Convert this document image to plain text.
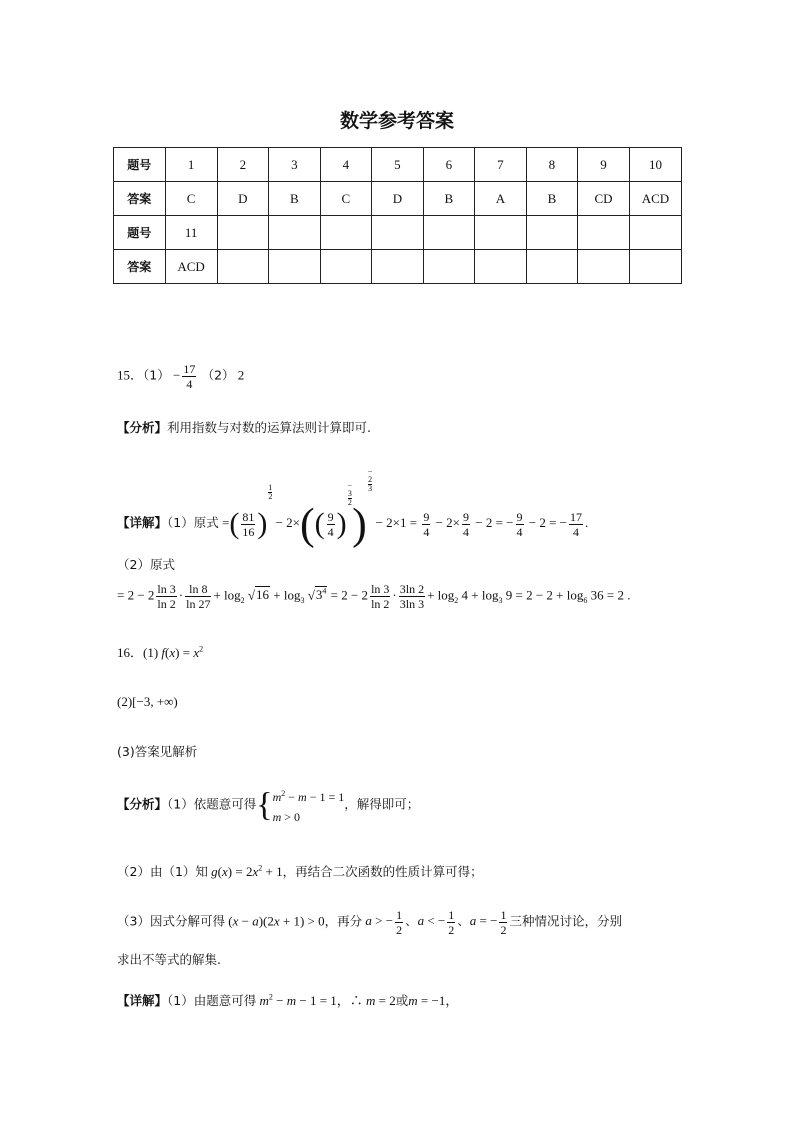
数学参考答案
题号	1	2	3	4	5	6	7	8	9	10
答案	C	D	B	C	D	B	A	B	CD	ACD
题号	11									
答案	ACD									
15．$(1) - \frac{17}{4} (2)$ 2
【分析】利用指数与对数的运算法则计算即可.
【详解】（1）原式 =( $\frac{81}{16}$ )
$\frac{1}{2}$
− $2\times(( \frac{9}{4}$ )
−
3
2 )
−
2
3
− $2\times 1 = \frac{9}{4} - 2\times \frac{9}{4} - 2$ = − $\frac{9}{4} - 2$ = − $\frac{17}{4}$ .
（2）原式
= $2 - 2 \frac{\ln 3}{\ln 2} \cdot \frac{\ln 8}{\ln 27} + \log_2 √16 + \log_3 √3^4 = 2 - 2 \frac{\ln 3}{\ln 2} \cdot \frac{3\ln 2}{3\ln 3} + \log_2 4 + \log_3 9 = 2 - 2 + \log_6 36 = 2$ .
16．(1) $f(x) = x^2$
(2)[−3, +∞)
(3)答案见解析
【分析】（1）依题意可得{$m^2 - m - 1 = 1$
m > 0，解得即可；
（2）由（1）知 $g(x) = 2x^2 + 1$，再结合二次函数的性质计算可得；
（3）因式分解可得 (x − a)(2x + 1) > 0，再分 a > − $\frac{1}{2}$ 、a < − $\frac{1}{2}$ 、a = − $\frac{1}{2}$ 三种情况讨论，分别
求出不等式的解集.
【详解】（1）由题意可得 $m^2 - m - 1 = 1$，∴ m = 2或m = −1，
